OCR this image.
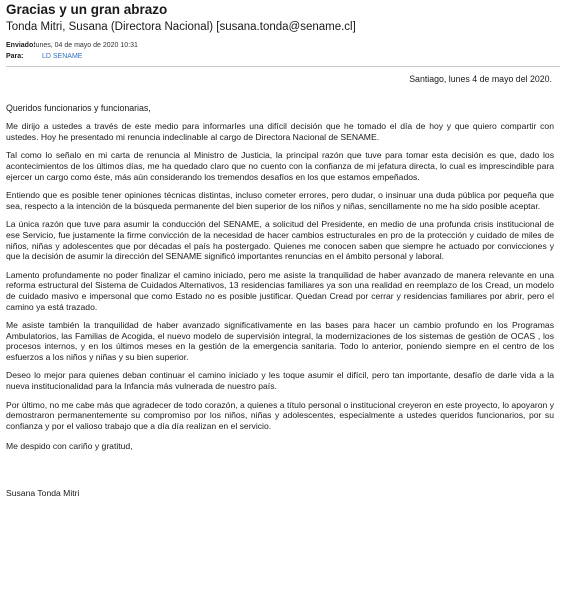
Gracias y un gran abrazo
Tonda Mitri, Susana (Directora Nacional) [susana.tonda@sename.cl]
Enviado:
lunes, 04 de mayo de 2020 10:31
Para:	LD SENAME
Santiago, lunes 4 de mayo del 2020.
Queridos funcionarios y funcionarias,

Me dirijo a ustedes a través de este medio para informarles una difícil decisión que he tomado el día de hoy y que quiero compartir con ustedes. Hoy he presentado mi renuncia indeclinable al cargo de Directora Nacional de SENAME.

Tal como lo señalo en mi carta de renuncia al Ministro de Justicia, la principal razón que tuve para tomar esta decisión es que, dado los acontecimientos de los últimos días, me ha quedado claro que no cuento con la confianza de mi jefatura directa, lo cual es imprescindible para ejercer un cargo como éste, más aún considerando los tremendos desafíos en los que estamos empeñados.

Entiendo que es posible tener opiniones técnicas distintas, incluso cometer errores, pero dudar, o insinuar una duda pública por pequeña que sea, respecto a la intención de la búsqueda permanente del bien superior de los niños y niñas, sencillamente no me ha sido posible aceptar.

La única razón que tuve para asumir la conducción del SENAME, a solicitud del Presidente, en medio de una profunda crisis institucional de ese Servicio, fue justamente la firme convicción de la necesidad de hacer cambios estructurales en pro de la protección y cuidado de miles de niños, niñas y adolescentes que por décadas el país ha postergado. Quienes me conocen saben que siempre he actuado por convicciones y que la decisión de asumir la dirección del SENAME significó importantes renuncias en el ámbito personal y laboral.

Lamento profundamente no poder finalizar el camino iniciado, pero me asiste la tranquilidad de haber avanzado de manera relevante en una reforma estructural del Sistema de Cuidados Alternativos, 13 residencias familiares ya son una realidad en reemplazo de los Cread, un modelo de cuidado masivo e impersonal que como Estado no es posible justificar. Quedan Cread por cerrar y residencias familiares por abrir, pero el camino ya está trazado.

Me asiste también la tranquilidad de haber avanzado significativamente en las bases para hacer un cambio profundo en los Programas Ambulatorios, las Familias de Acogida, el nuevo modelo de supervisión integral, la modernizaciones de los sistemas de gestión de OCAS , los procesos internos, y en los últimos meses en la gestión de la emergencia sanitaria. Todo lo anterior, poniendo siempre en el centro de los esfuerzos a los niños y niñas y su bien superior.

Deseo lo mejor para quienes deban continuar el camino iniciado y les toque asumir el difícil, pero tan importante, desafío de darle vida a la nueva institucionalidad para la Infancia más vulnerada de nuestro país.

Por último, no me cabe más que agradecer de todo corazón, a quienes a título personal o institucional creyeron en este proyecto, lo apoyaron y demostraron permanentemente su compromiso por los niños, niñas y adolescentes, especialmente a ustedes queridos funcionarios, por su confianza y por el valioso trabajo que a día día realizan en el servicio.

Me despido con cariño y gratitud,
Susana Tonda Mitri
